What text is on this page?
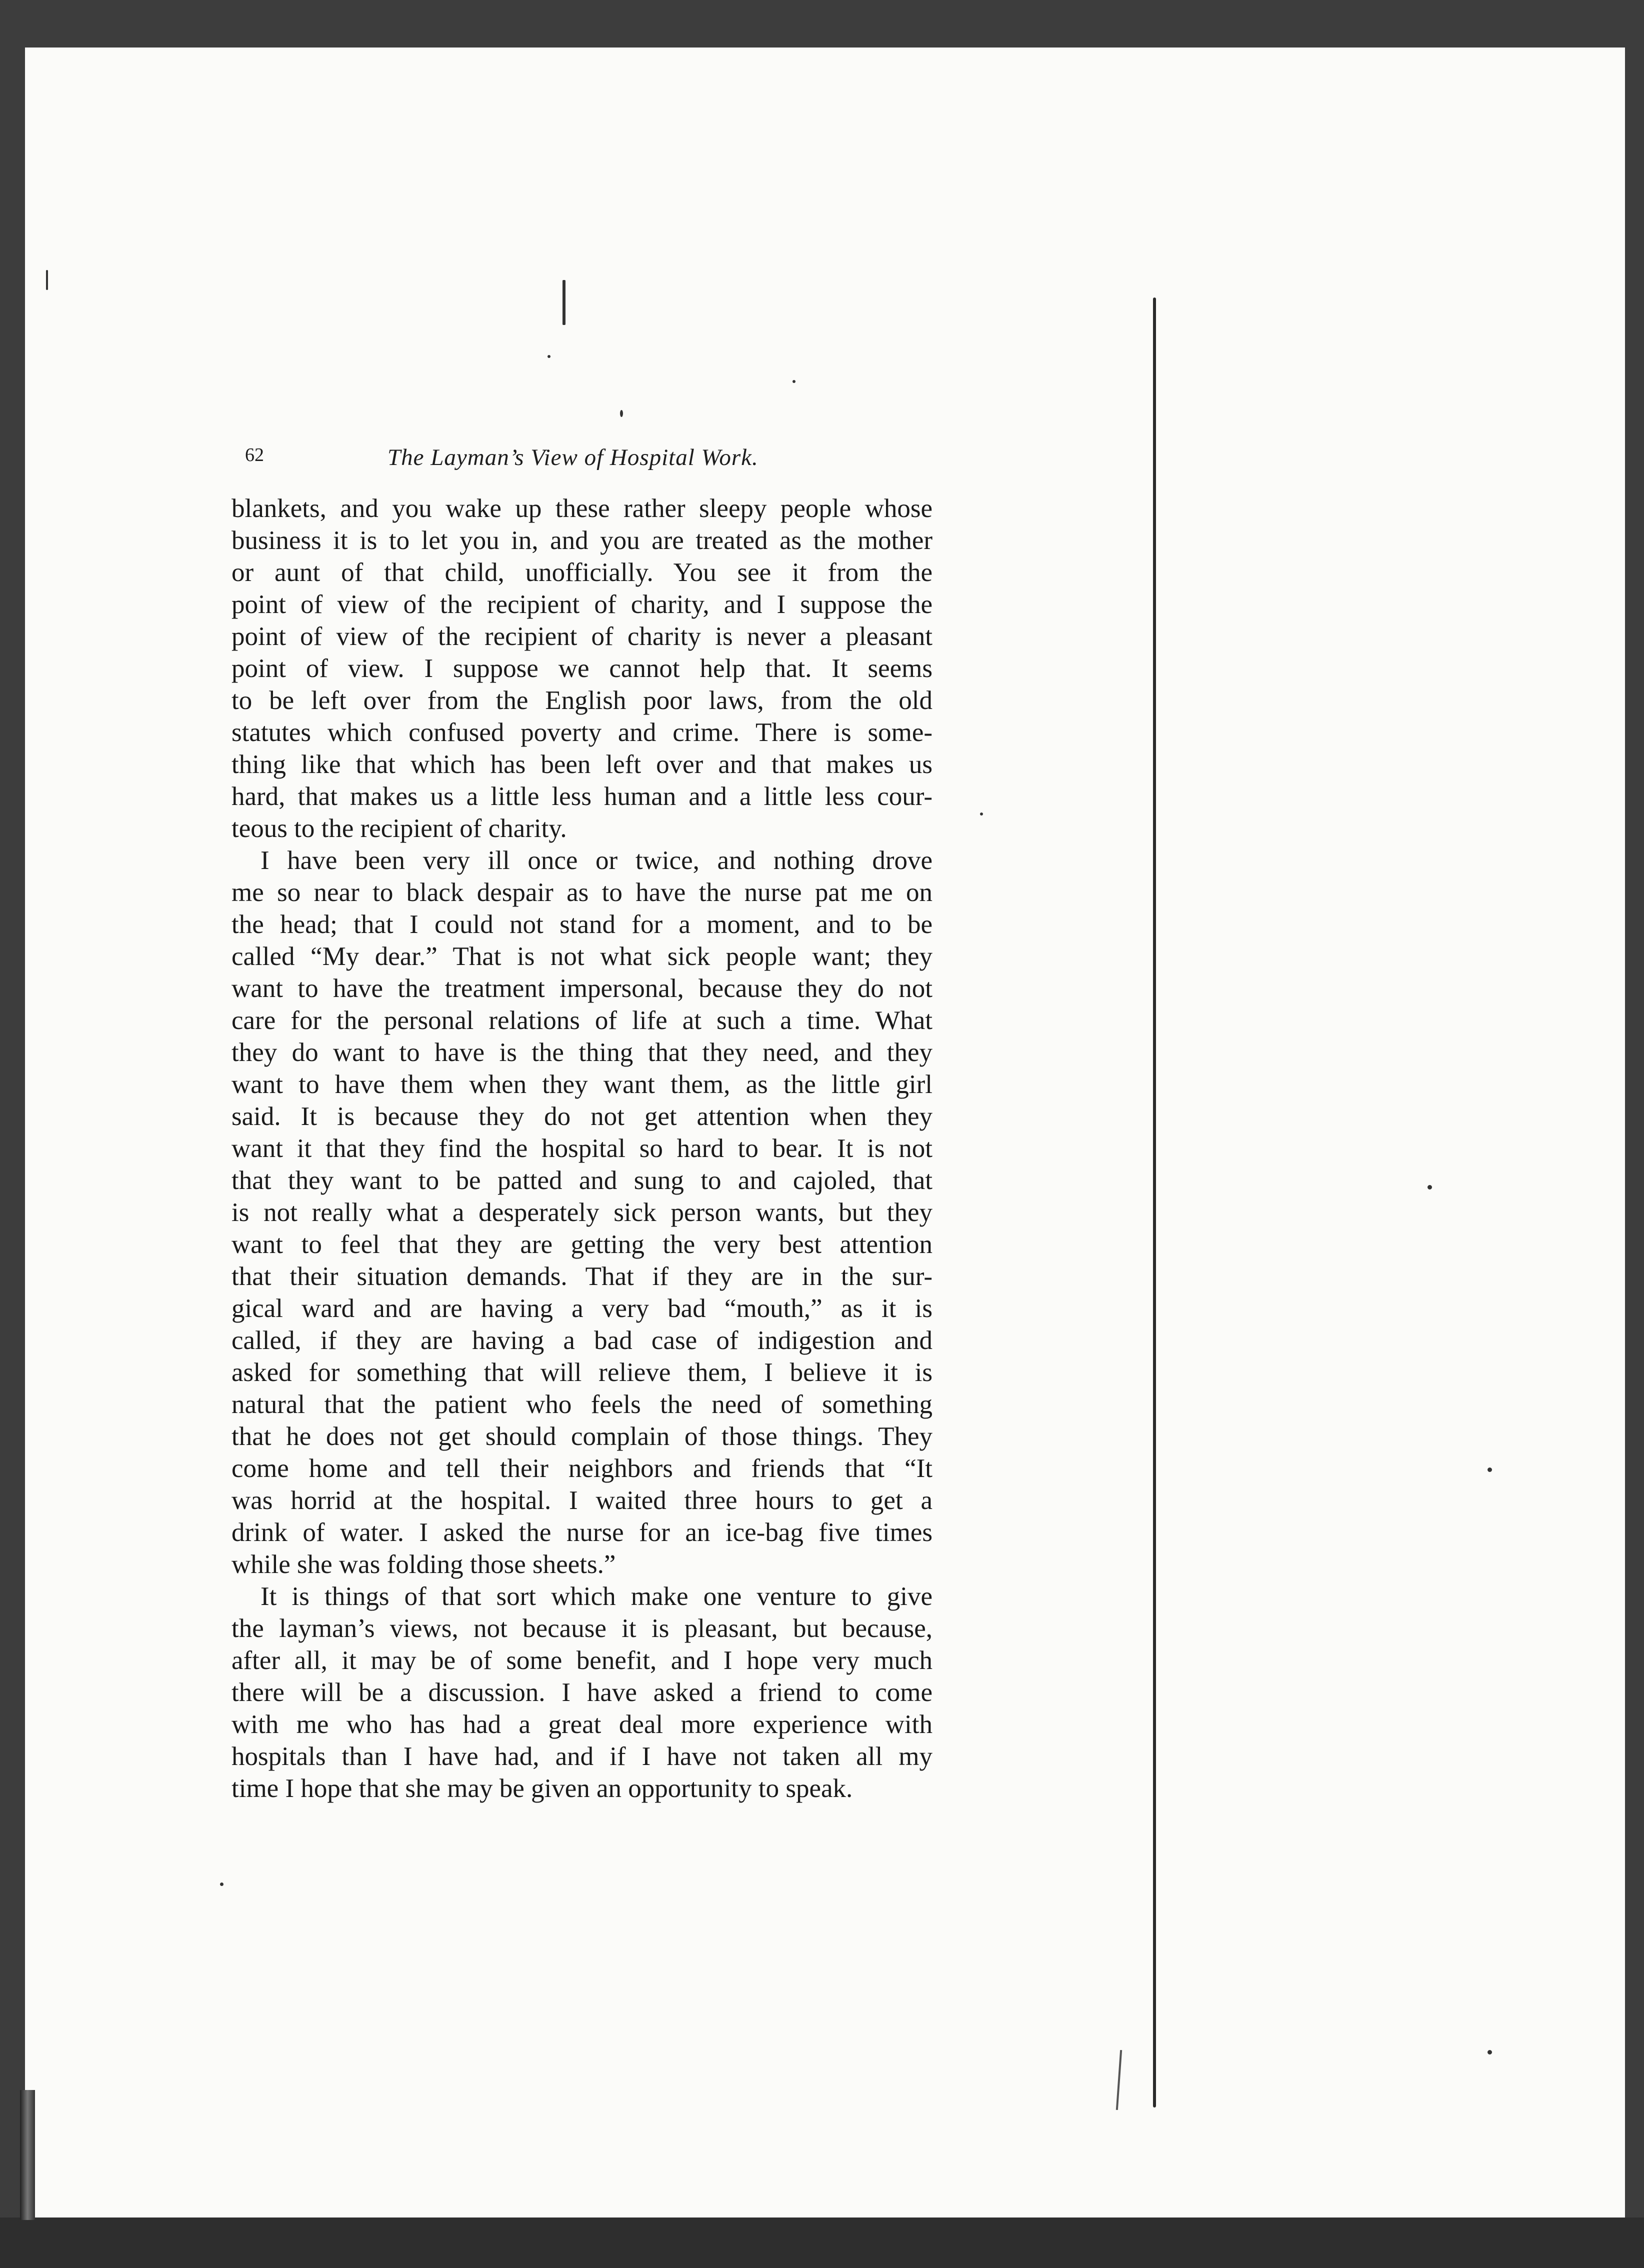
62	The Layman’s View of Hospital Work.
blankets, and you wake up these rather sleepy people whose
business it is to let you in, and you are treated as the mother
or aunt of that child, unofficially. You see it from the
point of view of the recipient of charity, and I suppose the
point of view of the recipient of charity is never a pleasant
point of view. I suppose we cannot help that. It seems
to be left over from the English poor laws, from the old
statutes which confused poverty and crime. There is some-
thing like that which has been left over and that makes us
hard, that makes us a little less human and a little less cour-
teous to the recipient of charity.
I have been very ill once or twice, and nothing drove
me so near to black despair as to have the nurse pat me on
the head; that I could not stand for a moment, and to be
called “My dear.” That is not what sick people want; they
want to have the treatment impersonal, because they do not
care for the personal relations of life at such a time. What
they do want to have is the thing that they need, and they
want to have them when they want them, as the little girl
said. It is because they do not get attention when they
want it that they find the hospital so hard to bear. It is not
that they want to be patted and sung to and cajoled, that
is not really what a desperately sick person wants, but they
want to feel that they are getting the very best attention
that their situation demands. That if they are in the sur-
gical ward and are having a very bad “mouth,” as it is
called, if they are having a bad case of indigestion and
asked for something that will relieve them, I believe it is
natural that the patient who feels the need of something
that he does not get should complain of those things. They
come home and tell their neighbors and friends that “It
was horrid at the hospital. I waited three hours to get a
drink of water. I asked the nurse for an ice-bag five times
while she was folding those sheets.”
It is things of that sort which make one venture to give
the layman’s views, not because it is pleasant, but because,
after all, it may be of some benefit, and I hope very much
there will be a discussion. I have asked a friend to come
with me who has had a great deal more experience with
hospitals than I have had, and if I have not taken all my
time I hope that she may be given an opportunity to speak.
